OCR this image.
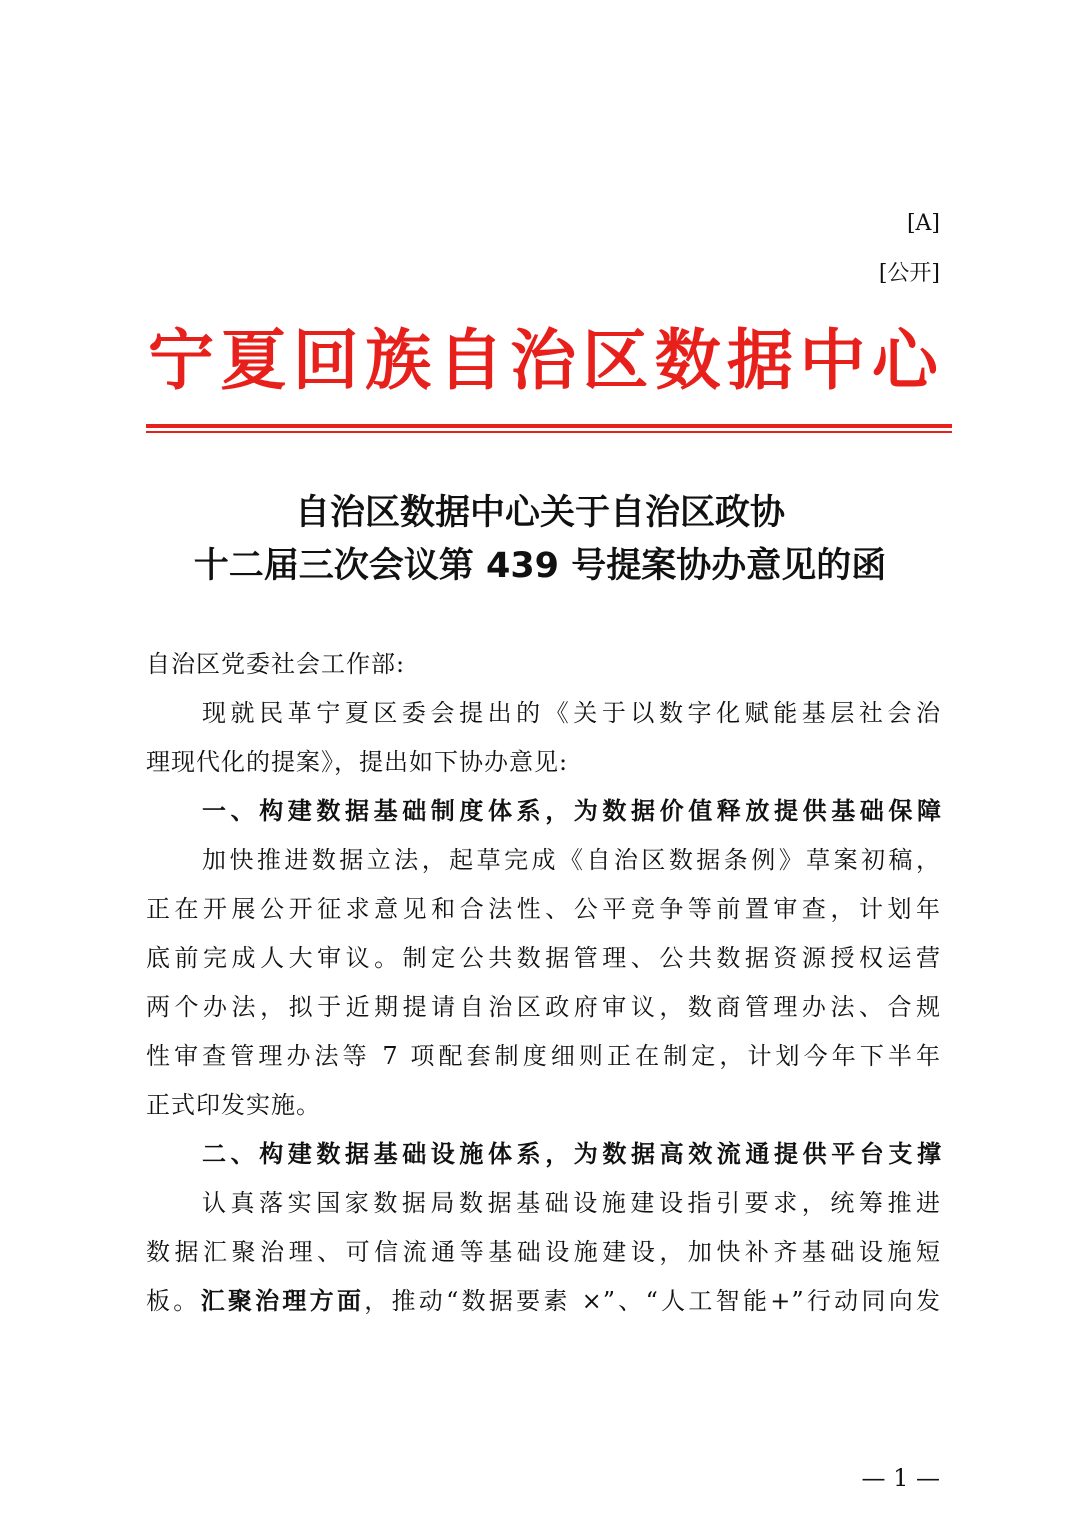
[A]
[公开]
宁 夏 回 族 自 治 区 数 据 中 心
自治区数据中心关于自治区政协
十二届三次会议第 439 号提案协办意见的函
自治区党委社会工作部:
现就民革宁夏区委会提出的《关于以数字化赋能基层社会治
理现代化的提案》，提出如下协办意见:
一、构建数据基础制度体系，为数据价值释放提供基础保障
加快推进数据立法，起草完成《自治区数据条例》草案初稿，
正在开展公开征求意见和合法性、公平竞争等前置审查，计划年
底前完成人大审议。制定公共数据管理、公共数据资源授权运营
两个办法，拟于近期提请自治区政府审议，数商管理办法、合规
性审查管理办法等 7 项配套制度细则正在制定，计划今年下半年
正式印发实施。
二、构建数据基础设施体系，为数据高效流通提供平台支撑
认真落实国家数据局数据基础设施建设指引要求，统筹推进
数据汇聚治理、可信流通等基础设施建设，加快补齐基础设施短
板。汇聚治理方面，推动“数据要素 ×”、“人工智能+”行动同向发
— 1 —
